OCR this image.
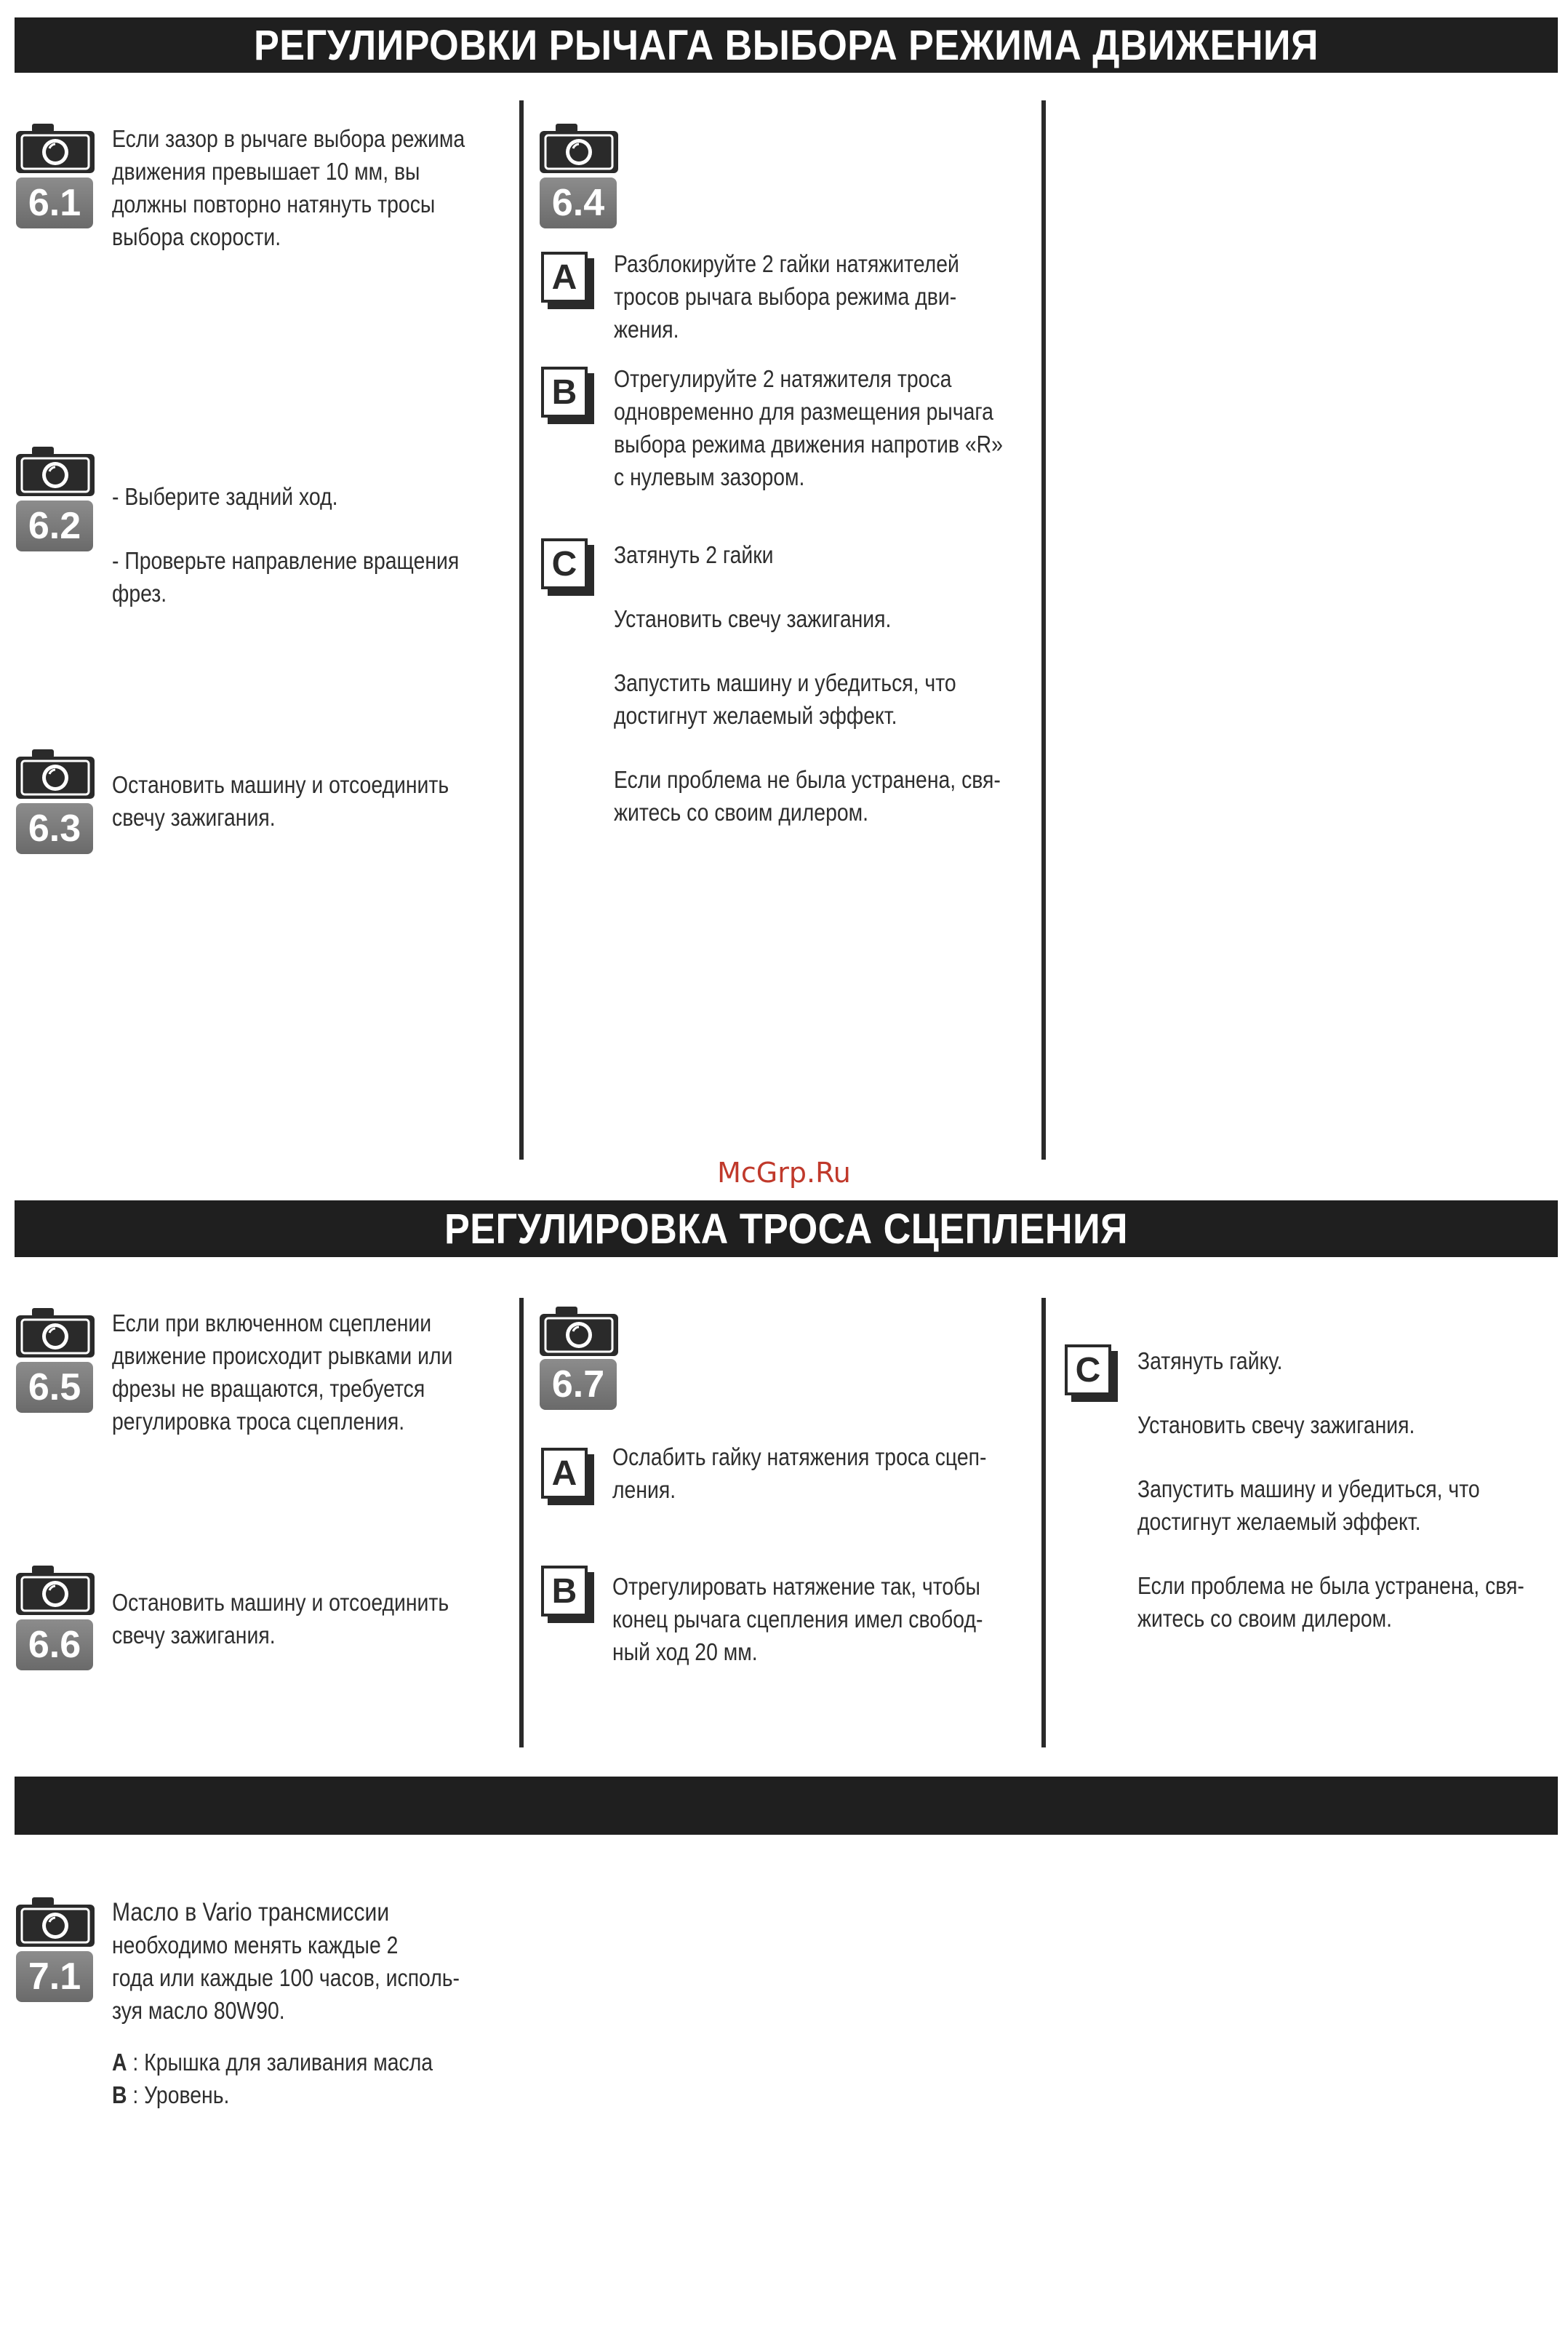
РЕГУЛИРОВКИ РЫЧАГА ВЫБОРА РЕЖИМА ДВИЖЕНИЯ
6.1

Если зазор в рычаге выбора режима

движения превышает 10 мм, вы

должны повторно натянуть тросы

выбора скорости.

6.2

- Выберите задний ход.

- Проверьте направление вращения

фрез.

6.3

Остановить машину и отсоединить

свечу зажигания.

6.4
A	Разблокируйте 2 гайки натяжителей

тросов рычага выбора режима дви-

жения.

B	Отрегулируйте 2 натяжителя троса

одновременно для размещения рычага

выбора режима движения напротив «R»

с нулевым зазором.

C	Затянуть 2 гайки

Установить свечу зажигания.

Запустить машину и убедиться, что

достигнут желаемый эффект.

Если проблема не была устранена, свя-

житесь со своим дилером.

McGrp.Ru
РЕГУЛИРОВКА ТРОСА СЦЕПЛЕНИЯ
6.5

Если при включенном сцеплении

движение происходит рывками или

фрезы не вращаются, требуется

регулировка троса сцепления.

6.6

Остановить машину и отсоединить

свечу зажигания.

6.7
A	Ослабить гайку натяжения троса сцеп-

ления.

B	Отрегулировать натяжение так, чтобы

конец рычага сцепления имел свобод-

ный ход 20 мм.

C	Затянуть гайку.

Установить свечу зажигания.

Запустить машину и убедиться, что

достигнут желаемый эффект.

Если проблема не была устранена, свя-

житесь со своим дилером.

7.1

Масло в Vario трансмиссии

необходимо менять каждые 2

года или каждые 100 часов, исполь-

зуя масло 80W90.

A : Крышка для заливания масла

B : Уровень.
